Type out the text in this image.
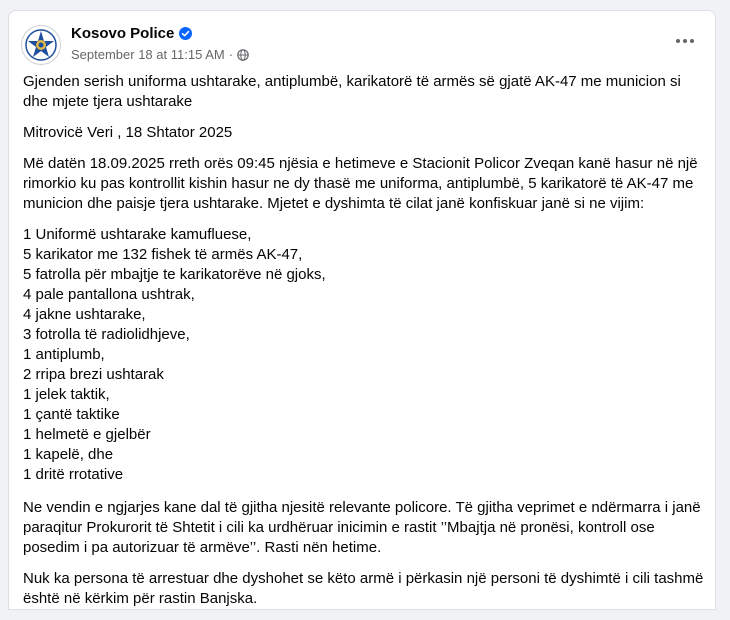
Kosovo Police
September 18 at 11:15 AM ·

Gjenden serish uniforma ushtarake, antiplumbë, karikatorë të armës së gjatë AK-47 me municion si dhe mjete tjera ushtarake

Mitrovicë Veri , 18 Shtator 2025

Më datën 18.09.2025 rreth orës 09:45 njësia e hetimeve e Stacionit Policor Zveqan kanë hasur në një rimorkio ku pas kontrollit kishin hasur ne dy thasë me uniforma, antiplumbë, 5 karikatorë të AK-47 me municion dhe paisje tjera ushtarake. Mjetet e dyshimta të cilat janë konfiskuar janë si ne vijim:

1 Uniformë ushtarake kamufluese,
5 karikator me 132 fishek të armës AK-47,
5 fatrolla për mbajtje te karikatorëve në gjoks,
4 pale pantallona ushtrak,
4 jakne ushtarake,
3 fotrolla të radiolidhjeve,
1 antiplumb,
2 rripa brezi ushtarak
1 jelek taktik,
1 çantë taktike
1 helmetë e gjelbër
1 kapelë, dhe
1 dritë rrotative

Ne vendin e ngjarjes kane dal të gjitha njesitë relevante policore. Të gjitha veprimet e ndërmarra i janë paraqitur Prokurorit të Shtetit i cili ka urdhëruar inicimin e rastit ’’Mbajtja në pronësi, kontroll ose posedim i pa autorizuar të armëve’’. Rasti nën hetime.

Nuk ka persona të arrestuar dhe dyshohet se këto armë i përkasin një personi të dyshimtë i cili tashmë është në kërkim për rastin Banjska.
